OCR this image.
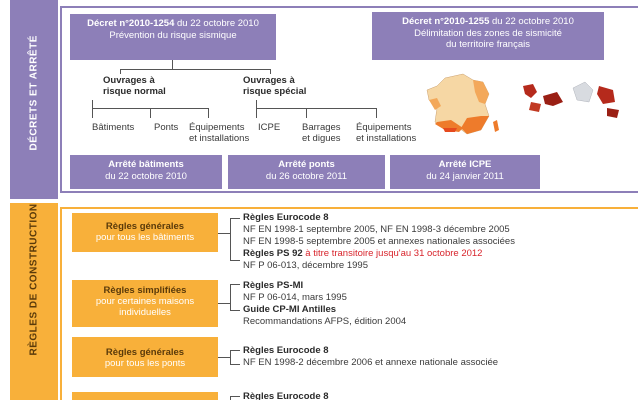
DÉCRETS ET ARRÊTÉ
Décret n°2010-1254 du 22 octobre 2010
Prévention du risque sismique
Décret n°2010-1255 du 22 octobre 2010
Délimitation des zones de sismicité
du territoire français
Ouvrages à
risque normal
Ouvrages à
risque spécial
Bâtiments Ponts Équipements
et installations
ICPE Barrages
et digues
Équipements
et installations
Arrêté bâtiments
du 22 octobre 2010
Arrêté ponts
du 26 octobre 2011
Arrêté ICPE
du 24 janvier 2011
RÈGLES DE CONSTRUCTION	Règles générales
pour tous les bâtiments
Règles Eurocode 8
NF EN 1998-1 septembre 2005, NF EN 1998-3 décembre 2005
NF EN 1998-5 septembre 2005 et annexes nationales associées
Règles PS 92 à titre transitoire jusqu'au 31 octobre 2012
NF P 06-013, décembre 1995
Règles simplifiées
pour certaines maisons
individuelles
Règles PS-MI
NF P 06-014, mars 1995
Guide CP-MI Antilles
Recommandations AFPS, édition 2004
Règles générales
pour tous les ponts
Règles Eurocode 8
NF EN 1998-2 décembre 2006 et annexe nationale associée
Règles Eurocode 8
